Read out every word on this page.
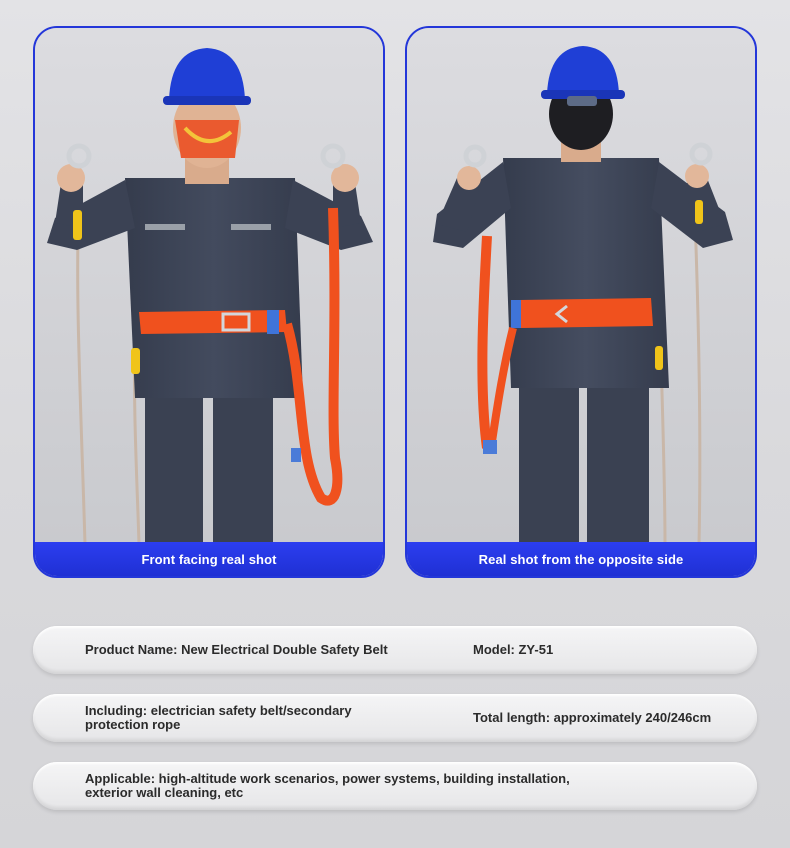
Front facing real shot	Real shot from the opposite side
Product Name: New Electrical Double Safety Belt	Model: ZY-51
Including: electrician safety belt/secondary protection rope	Total length: approximately 240/246cm
Applicable: high-altitude work scenarios, power systems, building installation, exterior wall cleaning, etc
